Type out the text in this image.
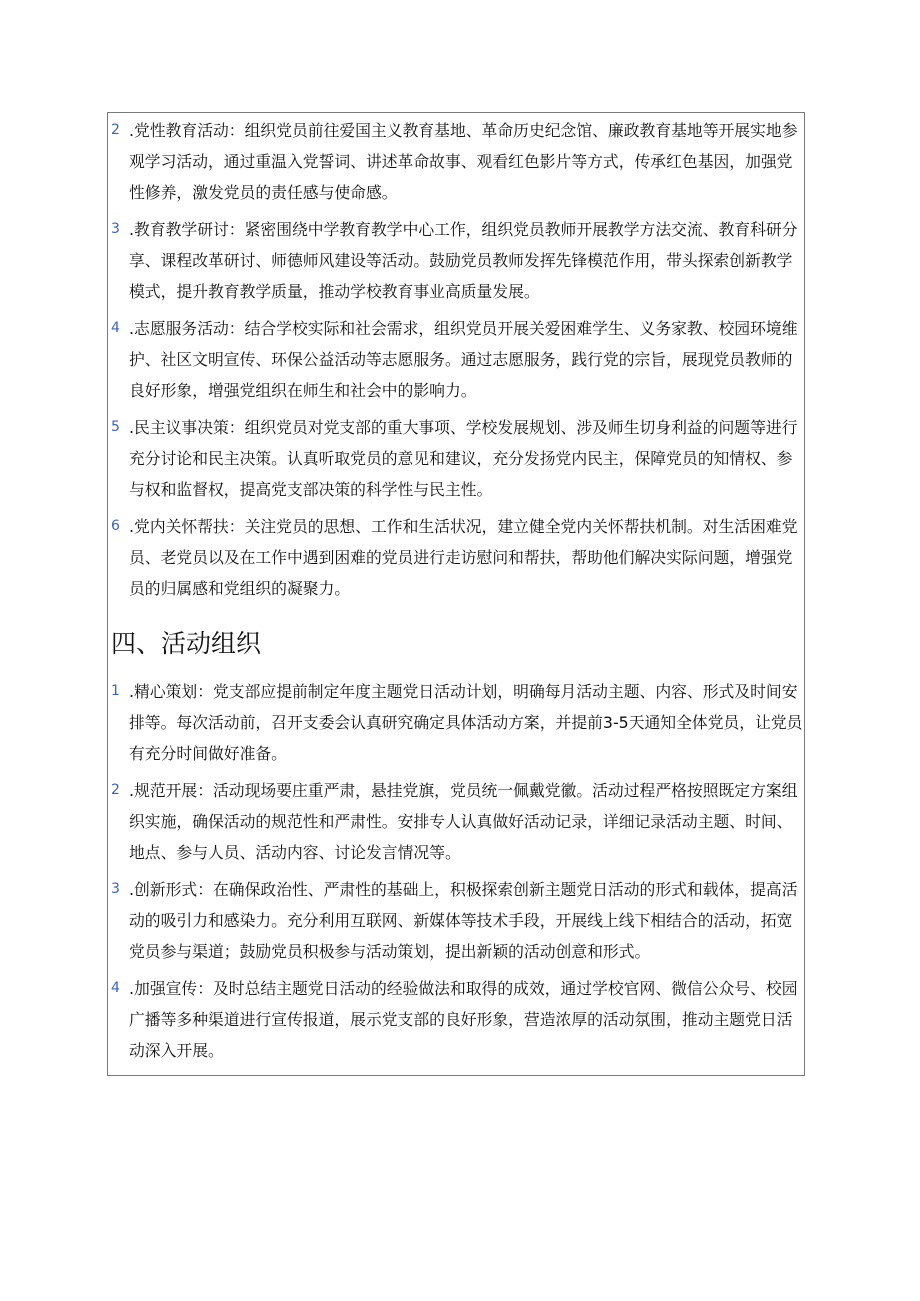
2 .党性教育活动：组织党员前往爱国主义教育基地、革命历史纪念馆、廉政教育基地等开展实地参观学习活动，通过重温入党誓词、讲述革命故事、观看红色影片等方式，传承红色基因，加强党性修养，激发党员的责任感与使命感。
3 .教育教学研讨：紧密围绕中学教育教学中心工作，组织党员教师开展教学方法交流、教育科研分享、课程改革研讨、师德师风建设等活动。鼓励党员教师发挥先锋模范作用，带头探索创新教学模式，提升教育教学质量，推动学校教育事业高质量发展。
4 .志愿服务活动：结合学校实际和社会需求，组织党员开展关爱困难学生、义务家教、校园环境维护、社区文明宣传、环保公益活动等志愿服务。通过志愿服务，践行党的宗旨，展现党员教师的良好形象，增强党组织在师生和社会中的影响力。
5 .民主议事决策：组织党员对党支部的重大事项、学校发展规划、涉及师生切身利益的问题等进行充分讨论和民主决策。认真听取党员的意见和建议，充分发扬党内民主，保障党员的知情权、参与权和监督权，提高党支部决策的科学性与民主性。
6 .党内关怀帮扶：关注党员的思想、工作和生活状况，建立健全党内关怀帮扶机制。对生活困难党员、老党员以及在工作中遇到困难的党员进行走访慰问和帮扶，帮助他们解决实际问题，增强党员的归属感和党组织的凝聚力。
四、活动组织
1 .精心策划：党支部应提前制定年度主题党日活动计划，明确每月活动主题、内容、形式及时间安排等。每次活动前，召开支委会认真研究确定具体活动方案，并提前3-5天通知全体党员，让党员有充分时间做好准备。
2 .规范开展：活动现场要庄重严肃，悬挂党旗，党员统一佩戴党徽。活动过程严格按照既定方案组织实施，确保活动的规范性和严肃性。安排专人认真做好活动记录，详细记录活动主题、时间、地点、参与人员、活动内容、讨论发言情况等。
3 .创新形式：在确保政治性、严肃性的基础上，积极探索创新主题党日活动的形式和载体，提高活动的吸引力和感染力。充分利用互联网、新媒体等技术手段，开展线上线下相结合的活动，拓宽党员参与渠道；鼓励党员积极参与活动策划，提出新颖的活动创意和形式。
4 .加强宣传：及时总结主题党日活动的经验做法和取得的成效，通过学校官网、微信公众号、校园广播等多种渠道进行宣传报道，展示党支部的良好形象，营造浓厚的活动氛围，推动主题党日活动深入开展。
